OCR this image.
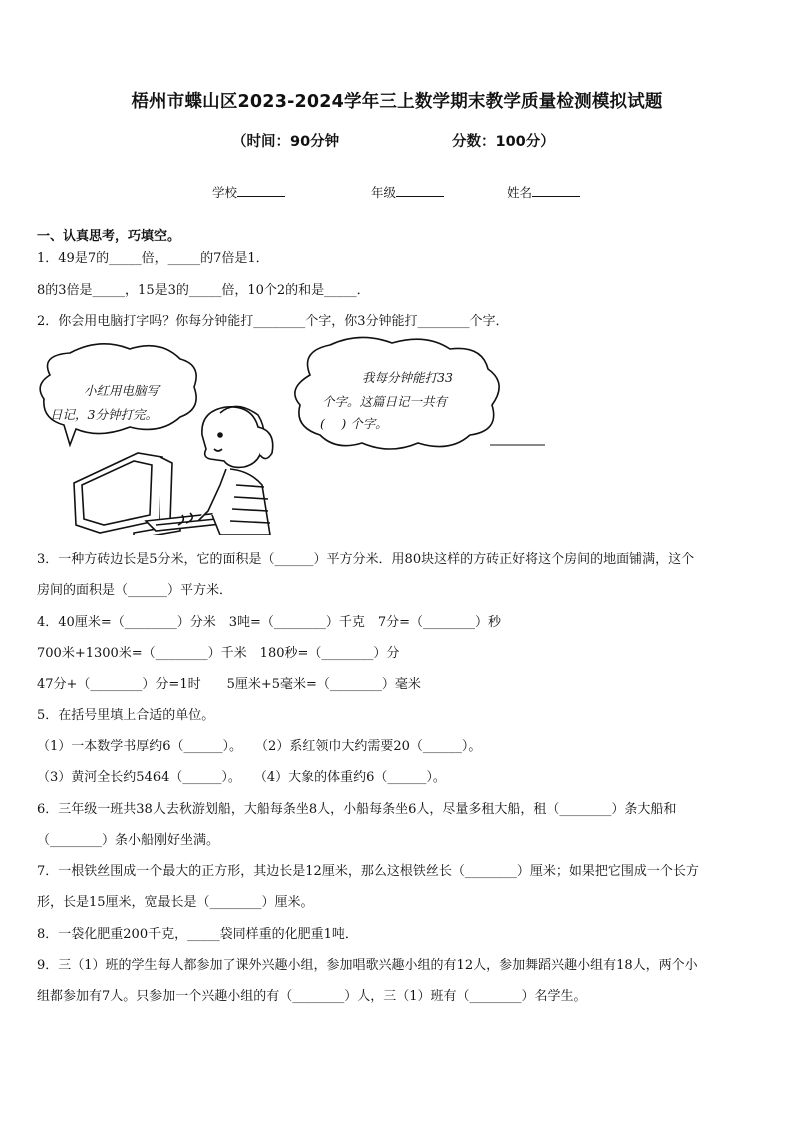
梧州市蝶山区2023-2024学年三上数学期末教学质量检测模拟试题
（时间：90分钟	分数：100分）
学校	年级	姓名
一、认真思考，巧填空。
1．49是7的_____倍，_____的7倍是1．
8的3倍是_____，15是3的_____倍，10个2的和是_____．
2．你会用电脑打字吗？你每分钟能打________个字，你3分钟能打________个字．
小红用电脑写
日记，3分钟打完。
我每分钟能打33
个字。这篇日记一共有
(　 ) 个字。
3．一种方砖边长是5分米，它的面积是（______）平方分米．用80块这样的方砖正好将这个房间的地面铺满，这个
房间的面积是（______）平方米．
4．40厘米=（________）分米　3吨=（________）千克　7分=（________）秒
700米+1300米=（________）千米　180秒=（________）分
47分+（________）分=1时　　5厘米+5毫米=（________）毫米
5．在括号里填上合适的单位。
（1）一本数学书厚约6（______）。　　（2）系红领巾大约需要20（______）。
（3）黄河全长约5464（______）。　　（4）大象的体重约6（______）。
6．三年级一班共38人去秋游划船，大船每条坐8人，小船每条坐6人，尽量多租大船，租（________）条大船和
（________）条小船刚好坐满。
7．一根铁丝围成一个最大的正方形，其边长是12厘米，那么这根铁丝长（________）厘米；如果把它围成一个长方
形，长是15厘米，宽最长是（________）厘米。
8．一袋化肥重200千克，_____袋同样重的化肥重1吨．
9．三（1）班的学生每人都参加了课外兴趣小组，参加唱歌兴趣小组的有12人，参加舞蹈兴趣小组有18人，两个小
组都参加有7人。只参加一个兴趣小组的有（________）人，三（1）班有（________）名学生。
